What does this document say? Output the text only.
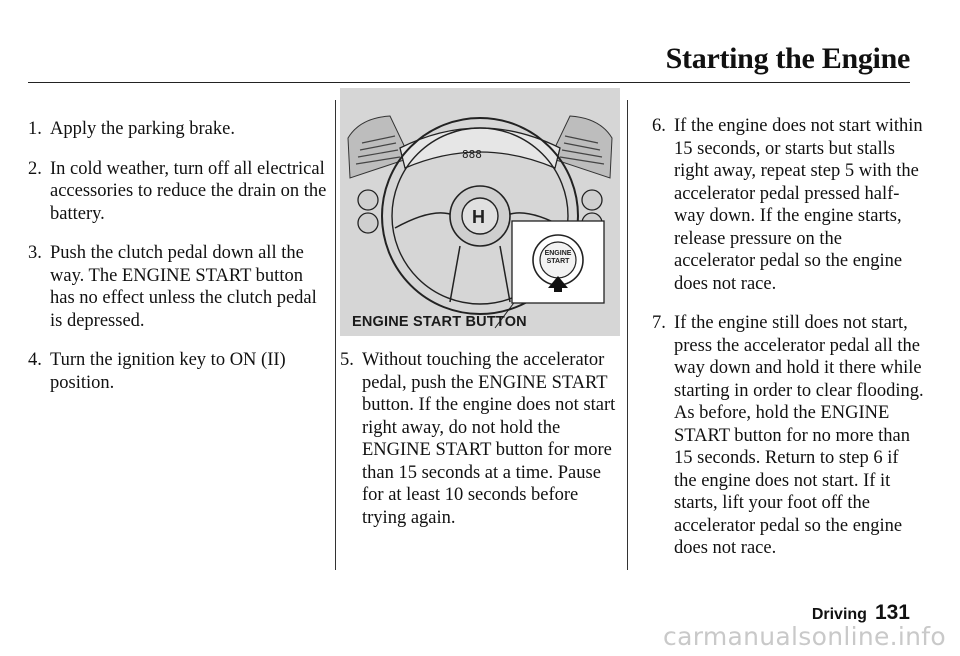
Starting the Engine
1. Apply the parking brake.
2. In cold weather, turn off all electrical accessories to reduce the drain on the battery.
3. Push the clutch pedal down all the way. The ENGINE START button has no effect unless the clutch pedal is depressed.
4. Turn the ignition key to ON (II) position.
888
H
ENGINE
START
ENGINE START BUTTON
5. Without touching the accelerator pedal, push the ENGINE START button. If the engine does not start right away, do not hold the ENGINE START button for more than 15 seconds at a time. Pause for at least 10 seconds before trying again.
6. If the engine does not start within 15 seconds, or starts but stalls right away, repeat step 5 with the accelerator pedal pressed half-way down. If the engine starts, release pressure on the accelerator pedal so the engine does not race.
7. If the engine still does not start, press the accelerator pedal all the way down and hold it there while starting in order to clear flooding. As before, hold the ENGINE START button for no more than 15 seconds. Return to step 6 if the engine does not start. If it starts, lift your foot off the accelerator pedal so the engine does not race.
Driving 131
carmanualsonline.info
